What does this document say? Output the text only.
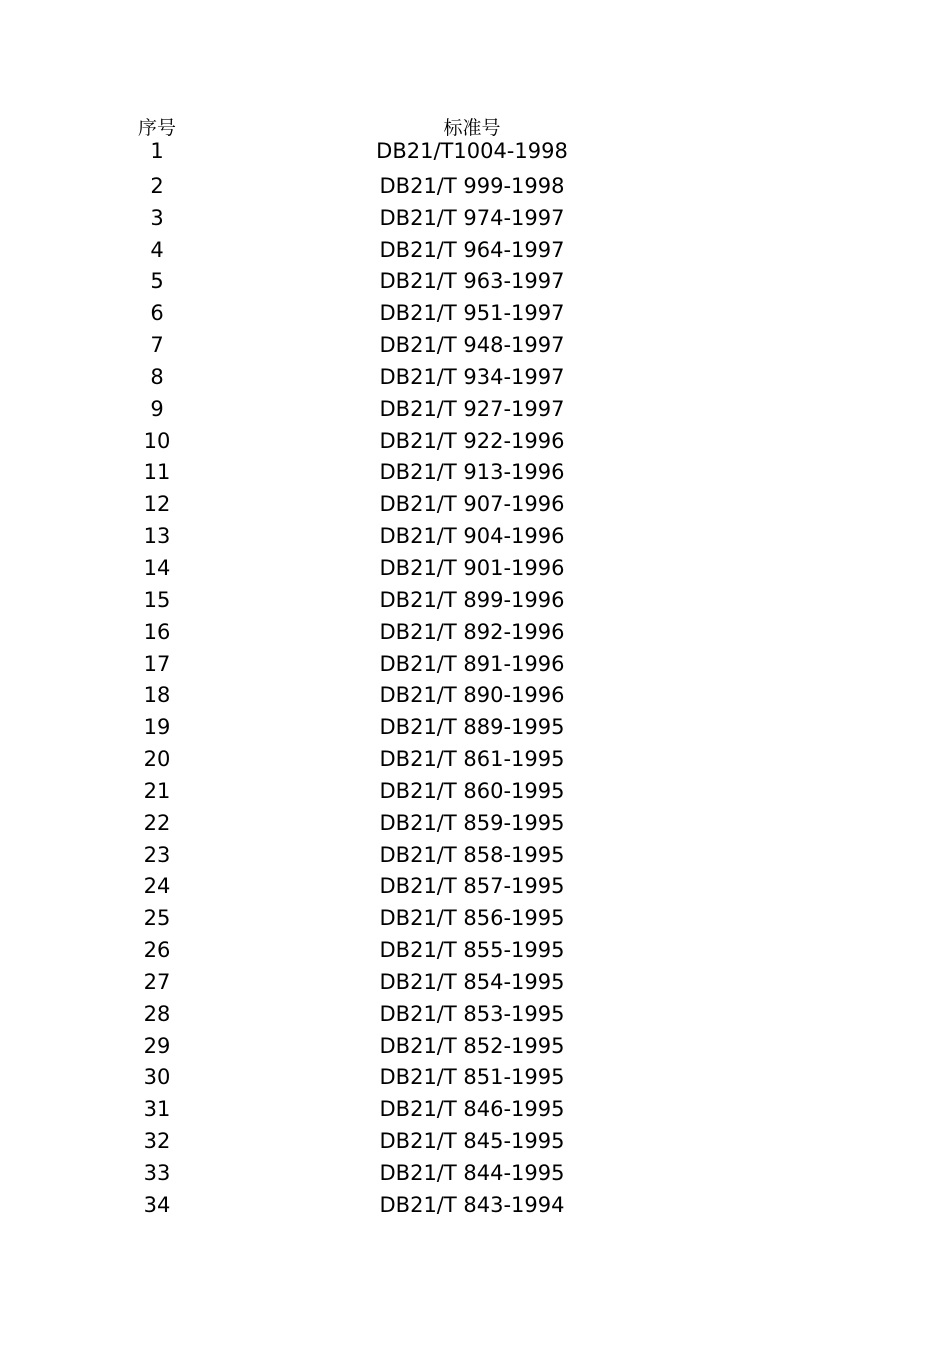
序号	标准号
1	DB21/T1004-1998
2	DB21/T 999-1998
3	DB21/T 974-1997
4	DB21/T 964-1997
5	DB21/T 963-1997
6	DB21/T 951-1997
7	DB21/T 948-1997
8	DB21/T 934-1997
9	DB21/T 927-1997
10	DB21/T 922-1996
11	DB21/T 913-1996
12	DB21/T 907-1996
13	DB21/T 904-1996
14	DB21/T 901-1996
15	DB21/T 899-1996
16	DB21/T 892-1996
17	DB21/T 891-1996
18	DB21/T 890-1996
19	DB21/T 889-1995
20	DB21/T 861-1995
21	DB21/T 860-1995
22	DB21/T 859-1995
23	DB21/T 858-1995
24	DB21/T 857-1995
25	DB21/T 856-1995
26	DB21/T 855-1995
27	DB21/T 854-1995
28	DB21/T 853-1995
29	DB21/T 852-1995
30	DB21/T 851-1995
31	DB21/T 846-1995
32	DB21/T 845-1995
33	DB21/T 844-1995
34	DB21/T 843-1994
